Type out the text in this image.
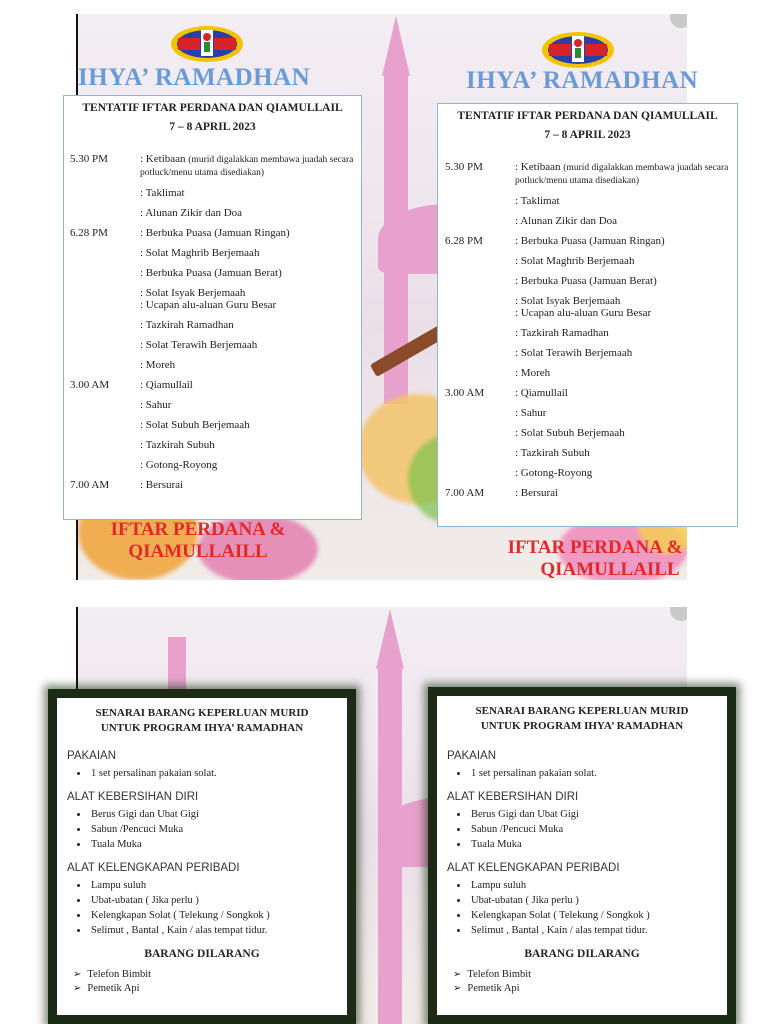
IHYA’ RAMADHAN
TENTATIF IFTAR PERDANA DAN QIAMULLAIL
7 – 8 APRIL 2023
5.30 PM	: Ketibaan (murid digalakkan membawa juadah secara potluck/menu utama disediakan)
: Taklimat
: Alunan Zikir dan Doa
6.28 PM	: Berbuka Puasa (Jamuan Ringan)
: Solat Maghrib Berjemaah
: Berbuka Puasa (Jamuan Berat)
: Solat Isyak Berjemaah
: Ucapan alu-aluan Guru Besar
: Tazkirah Ramadhan
: Solat Terawih Berjemaah
: Moreh
3.00 AM	: Qiamullail
: Sahur
: Solat Subuh Berjemaah
: Tazkirah Subuh
: Gotong-Royong
7.00 AM	: Bersurai
IFTAR PERDANA &
QIAMULLAILL
IHYA’ RAMADHAN
TENTATIF IFTAR PERDANA DAN QIAMULLAIL
7 – 8 APRIL 2023
5.30 PM	: Ketibaan (murid digalakkan membawa juadah secara potluck/menu utama disediakan)
: Taklimat
: Alunan Zikir dan Doa
6.28 PM	: Berbuka Puasa (Jamuan Ringan)
: Solat Maghrib Berjemaah
: Berbuka Puasa (Jamuan Berat)
: Solat Isyak Berjemaah
: Ucapan alu-aluan Guru Besar
: Tazkirah Ramadhan
: Solat Terawih Berjemaah
: Moreh
3.00 AM	: Qiamullail
: Sahur
: Solat Subuh Berjemaah
: Tazkirah Subuh
: Gotong-Royong
7.00 AM	: Bersurai
IFTAR PERDANA &
QIAMULLAILL
SENARAI BARANG KEPERLUAN MURID
UNTUK PROGRAM IHYA’ RAMADHAN
PAKAIAN
• 1 set persalinan pakaian solat.
ALAT KEBERSIHAN DIRI
• Berus Gigi dan Ubat Gigi
• Sabun /Pencuci Muka
• Tuala Muka
ALAT KELENGKAPAN PERIBADI
• Lampu suluh
• Ubat-ubatan ( Jika perlu )
• Kelengkapan Solat ( Telekung / Songkok )
• Selimut , Bantal , Kain / alas tempat tidur.
BARANG DILARANG
➢ Telefon Bimbit
➢ Pemetik Api
SENARAI BARANG KEPERLUAN MURID
UNTUK PROGRAM IHYA’ RAMADHAN
PAKAIAN
• 1 set persalinan pakaian solat.
ALAT KEBERSIHAN DIRI
• Berus Gigi dan Ubat Gigi
• Sabun /Pencuci Muka
• Tuala Muka
ALAT KELENGKAPAN PERIBADI
• Lampu suluh
• Ubat-ubatan ( Jika perlu )
• Kelengkapan Solat ( Telekung / Songkok )
• Selimut , Bantal , Kain / alas tempat tidur.
BARANG DILARANG
➢ Telefon Bimbit
➢ Pemetik Api
